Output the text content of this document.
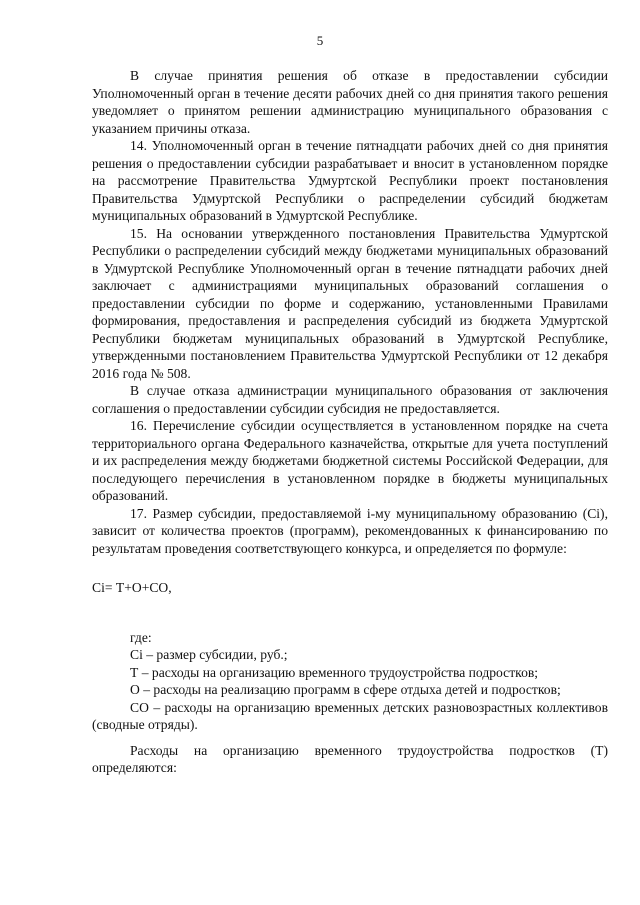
5

В случае принятия решения об отказе в предоставлении субсидии Уполномоченный орган в течение десяти рабочих дней со дня принятия такого решения уведомляет о принятом решении администрацию муниципального образования с указанием причины отказа.

14. Уполномоченный орган в течение пятнадцати рабочих дней со дня принятия решения о предоставлении субсидии разрабатывает и вносит в установленном порядке на рассмотрение Правительства Удмуртской Республики проект постановления Правительства Удмуртской Республики о распределении субсидий бюджетам муниципальных образований в Удмуртской Республике.

15. На основании утвержденного постановления Правительства Удмуртской Республики о распределении субсидий между бюджетами муниципальных образований в Удмуртской Республике Уполномоченный орган в течение пятнадцати рабочих дней заключает с администрациями муниципальных образований соглашения о предоставлении субсидии по форме и содержанию, установленными Правилами формирования, предоставления и распределения субсидий из бюджета Удмуртской Республики бюджетам муниципальных образований в Удмуртской Республике, утвержденными постановлением Правительства Удмуртской Республики от 12 декабря 2016 года № 508.

В случае отказа администрации муниципального образования от заключения соглашения о предоставлении субсидии субсидия не предоставляется.

16. Перечисление субсидии осуществляется в установленном порядке на счета территориального органа Федерального казначейства, открытые для учета поступлений и их распределения между бюджетами бюджетной системы Российской Федерации, для последующего перечисления в установленном порядке в бюджеты муниципальных образований.

17. Размер субсидии, предоставляемой i-му муниципальному образованию (Сi), зависит от количества проектов (программ), рекомендованных к финансированию по результатам проведения соответствующего конкурса, и определяется по формуле:

Сi= Т+О+СО,

где:

Сi – размер субсидии, руб.;

Т – расходы на организацию временного трудоустройства подростков;

О – расходы на реализацию программ в сфере отдыха детей и подростков;

СО – расходы на организацию временных детских разновозрастных коллективов (сводные отряды).

Расходы на организацию временного трудоустройства подростков (Т) определяются:
